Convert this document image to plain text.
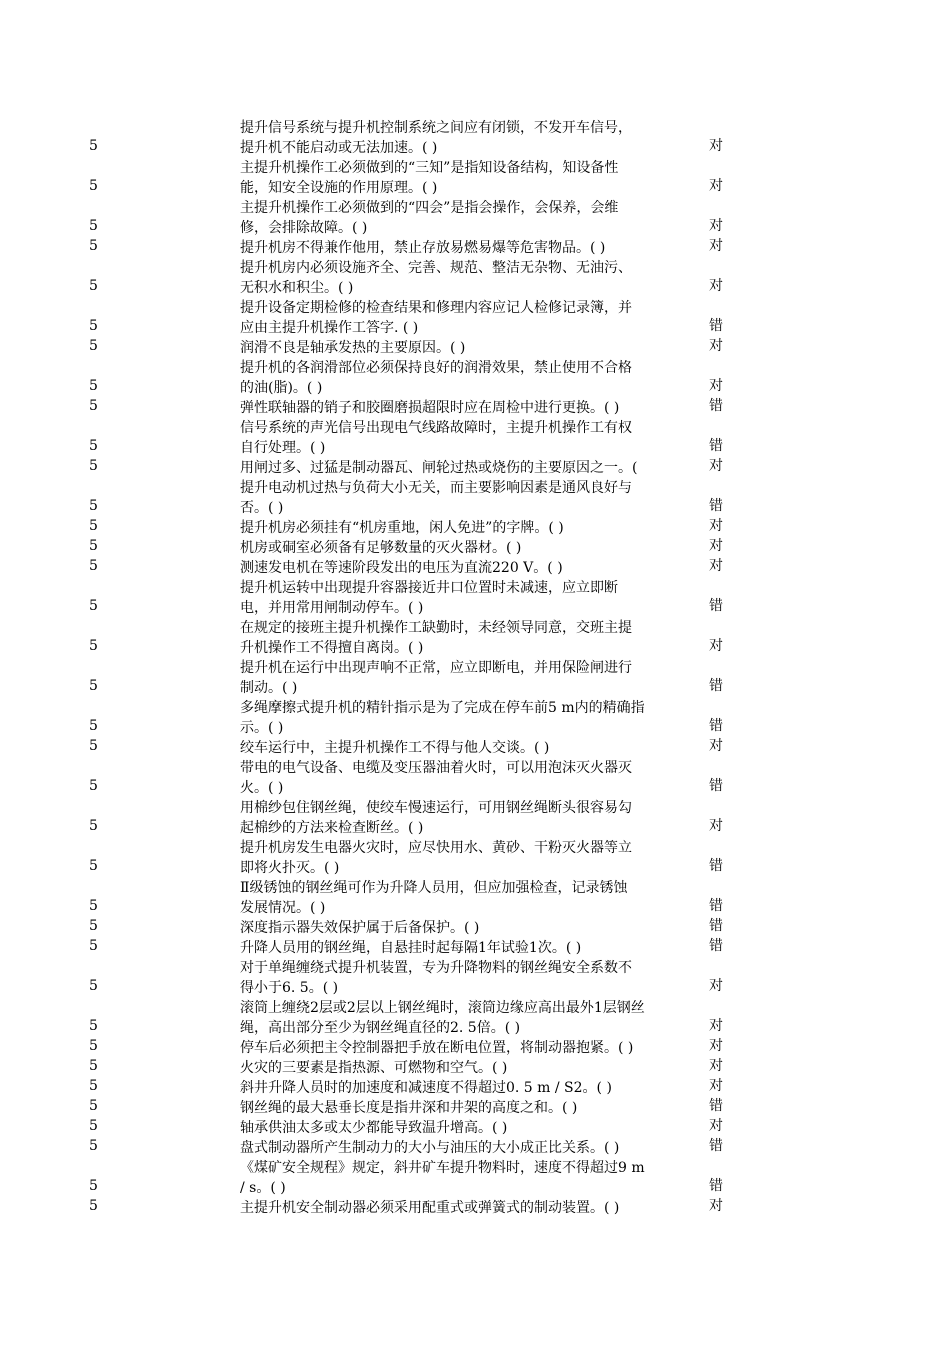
5
提升信号系统与提升机控制系统之间应有闭锁，不发开车信号，
提升机不能启动或无法加速。( )	对
5
主提升机操作工必须做到的“三知”是指知设备结构，知设备性
能，知安全设施的作用原理。( )	对
5
主提升机操作工必须做到的“四会”是指会操作，会保养，会维
修，会排除故障。( )	对
5	提升机房不得兼作他用，禁止存放易燃易爆等危害物品。( )	对
5
提升机房内必须设施齐全、完善、规范、整洁无杂物、无油污、
无积水和积尘。( )	对
5
提升设备定期检修的检查结果和修理内容应记人检修记录簿，并
应由主提升机操作工答字. ( )	错
5	润滑不良是轴承发热的主要原因。( )	对
5
提升机的各润滑部位必须保持良好的润滑效果，禁止使用不合格
的油(脂)。( )	对
5	弹性联轴器的销子和胶圈磨损超限时应在周检中进行更换。( )	错
5
信号系统的声光信号出现电气线路故障时，主提升机操作工有权
自行处理。( )	错
5	用闸过多、过猛是制动器瓦、闸轮过热或烧伤的主要原因之一。(	对
5
提升电动机过热与负荷大小无关，而主要影响因素是通风良好与
否。( )	错
5	提升机房必须挂有“机房重地，闲人免进”的字牌。( )	对
5	机房或硐室必须备有足够数量的灭火器材。( )	对
5	测速发电机在等速阶段发出的电压为直流220 V。( )	对
5
提升机运转中出现提升容器接近井口位置时未减速，应立即断
电，并用常用闸制动停车。( )	错
5
在规定的接班主提升机操作工缺勤时，未经领导同意，交班主提
升机操作工不得擅自离岗。( )	对
5
提升机在运行中出现声响不正常，应立即断电，并用保险闸进行
制动。( )	错
5
多绳摩擦式提升机的精针指示是为了完成在停车前5 m内的精确指
示。( )	错
5	绞车运行中，主提升机操作工不得与他人交谈。( )	对
5
带电的电气设备、电缆及变压器油着火时，可以用泡沫灭火器灭
火。( )	错
5
用棉纱包住钢丝绳，使绞车慢速运行，可用钢丝绳断头很容易勾
起棉纱的方法来检查断丝。( )	对
5
提升机房发生电器火灾时，应尽快用水、黄砂、干粉灭火器等立
即将火扑灭。( )	错
5
Ⅱ级锈蚀的钢丝绳可作为升降人员用，但应加强检查，记录锈蚀
发展情况。( )	错
5	深度指示器失效保护属于后备保护。( )	错
5	升降人员用的钢丝绳，自悬挂时起每隔1年试验1次。( )	错
5
对于单绳缠绕式提升机装置，专为升降物料的钢丝绳安全系数不
得小于6. 5。( )	对
5
滚筒上缠绕2层或2层以上钢丝绳时，滚筒边缘应高出最外1层钢丝
绳，高出部分至少为钢丝绳直径的2. 5倍。( )	对
5	停车后必须把主令控制器把手放在断电位置，将制动器抱紧。( )	对
5	火灾的三要素是指热源、可燃物和空气。( )	对
5	斜井升降人员时的加速度和减速度不得超过0. 5 m / S2。( )	对
5	钢丝绳的最大悬垂长度是指井深和井架的高度之和。( )	错
5	轴承供油太多或太少都能导致温升增高。( )	对
5	盘式制动器所产生制动力的大小与油压的大小成正比关系。( )	错
5
《煤矿安全规程》规定，斜井矿车提升物料时，速度不得超过9 m
/ s。( )	错
5	主提升机安全制动器必须采用配重式或弹簧式的制动装置。( )	对
